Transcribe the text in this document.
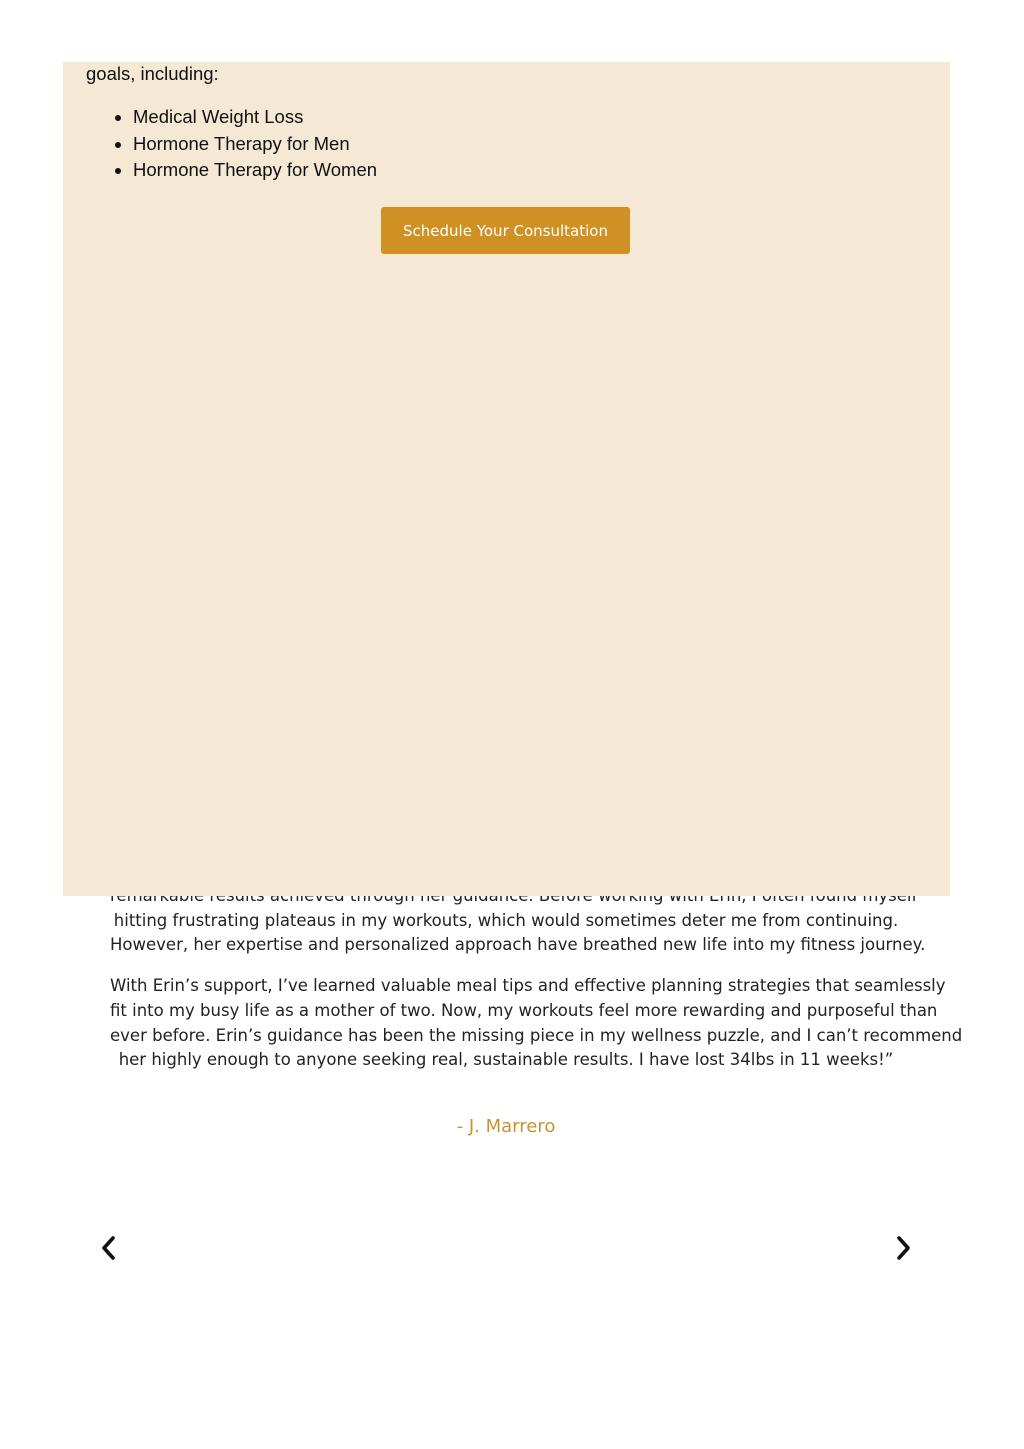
hitting frustrating plateaus in my workouts, which would sometimes deter me from continuing.
However, her expertise and personalized approach have breathed new life into my fitness journey.

With Erin’s support, I’ve learned valuable meal tips and effective planning strategies that seamlessly
fit into my busy life as a mother of two. Now, my workouts feel more rewarding and purposeful than
ever before. Erin’s guidance has been the missing piece in my wellness puzzle, and I can’t recommend
her highly enough to anyone seeking real, sustainable results. I have lost 34lbs in 11 weeks!”

- J. Marrero
goals, including:
• Medical Weight Loss
• Hormone Therapy for Men
• Hormone Therapy for Women
Schedule Your Consultation
